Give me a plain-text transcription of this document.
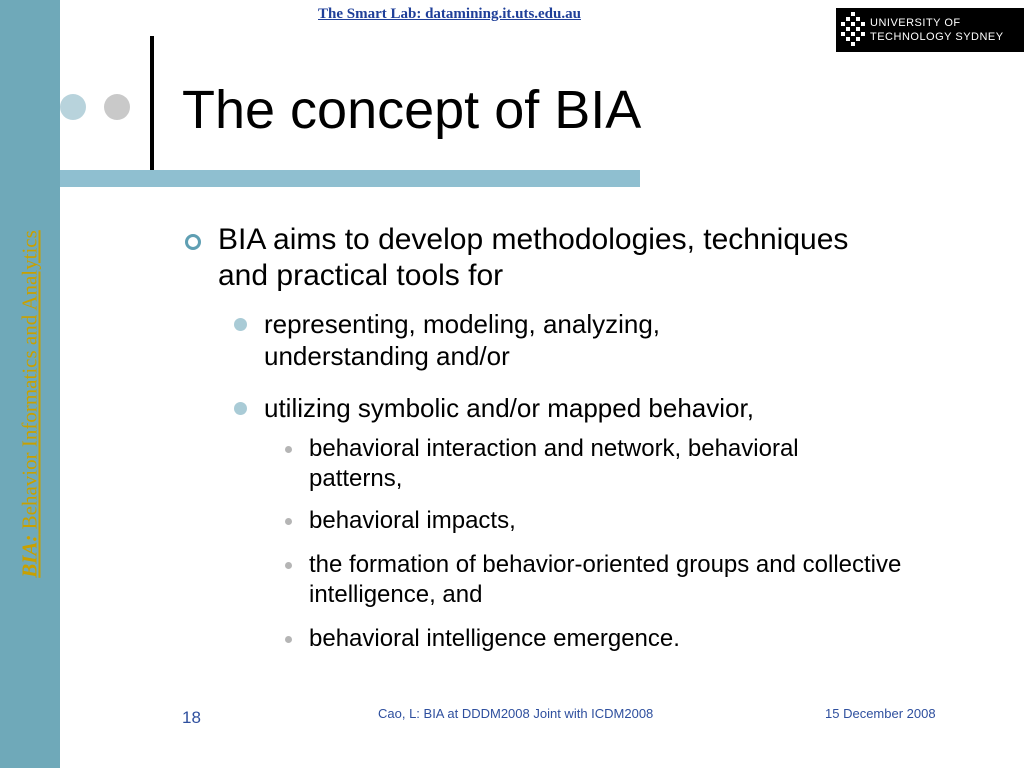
BIA: Behavior Informatics and Analytics
The Smart Lab: datamining.it.uts.edu.au
UNIVERSITY OF
TECHNOLOGY SYDNEY
The concept of BIA
BIA aims to develop methodologies, techniques and practical tools for
representing, modeling, analyzing, understanding and/or
utilizing symbolic and/or mapped behavior,
behavioral interaction and network, behavioral patterns,
behavioral impacts,
the formation of behavior-oriented groups and collective intelligence, and
behavioral intelligence emergence.
18	Cao, L: BIA at DDDM2008 Joint with ICDM2008	15 December 2008
